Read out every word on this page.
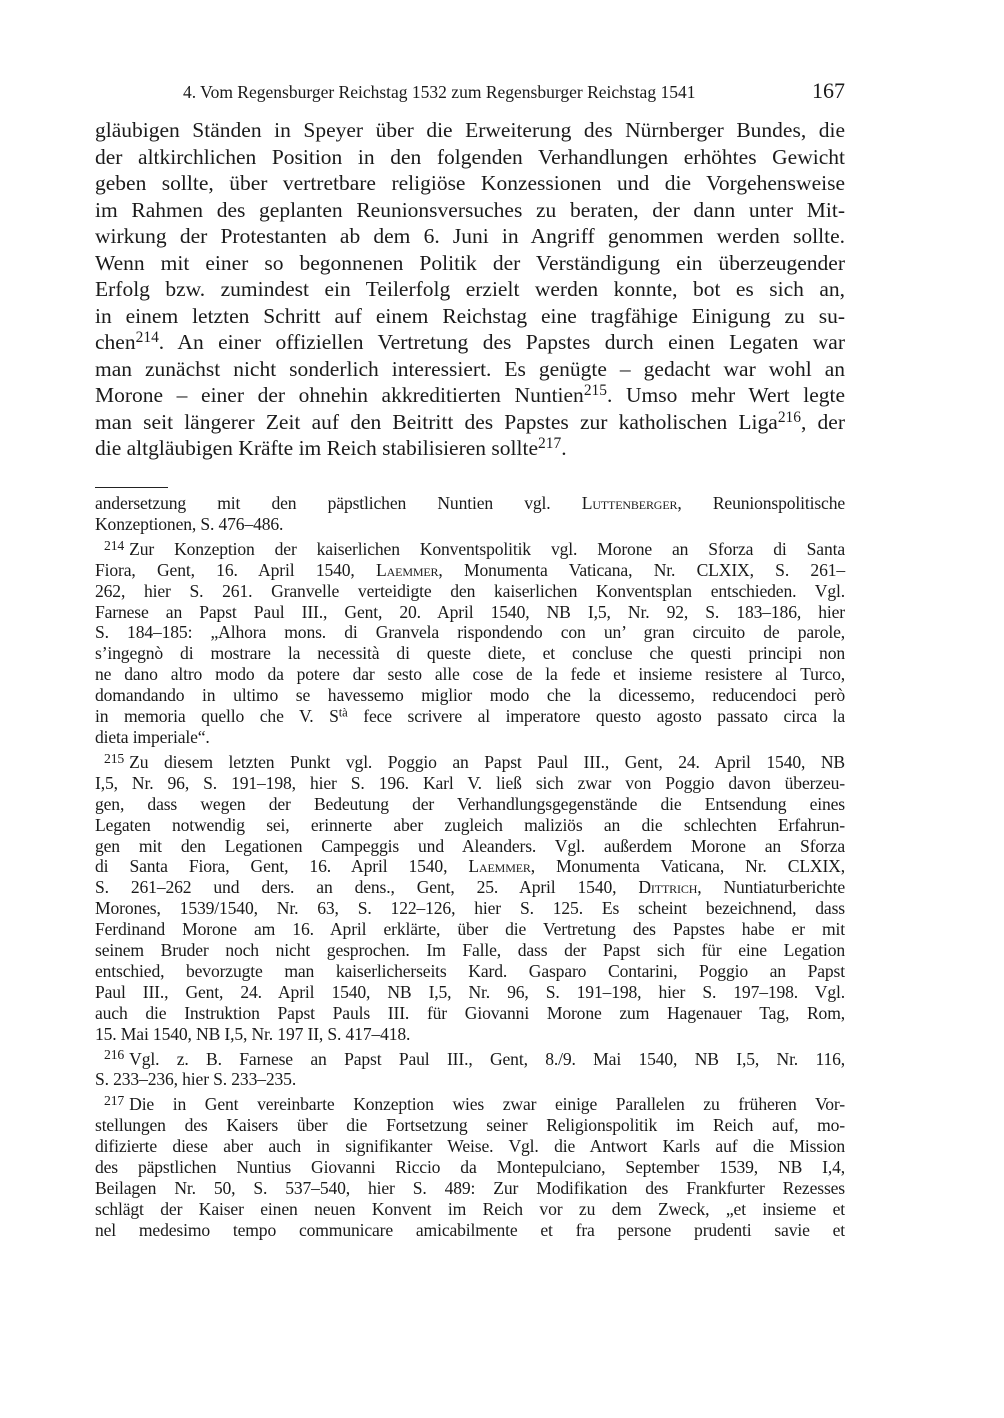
4. Vom Regensburger Reichstag 1532 zum Regensburger Reichstag 1541	167
gläubigen Ständen in Speyer über die Erweiterung des Nürnberger Bundes, die
der altkirchlichen Position in den folgenden Verhandlungen erhöhtes Gewicht
geben sollte, über vertretbare religiöse Konzessionen und die Vorgehensweise
im Rahmen des geplanten Reunionsversuches zu beraten, der dann unter Mit-
wirkung der Protestanten ab dem 6. Juni in Angriff genommen werden sollte.
Wenn mit einer so begonnenen Politik der Verständigung ein überzeugender
Erfolg bzw. zumindest ein Teilerfolg erzielt werden konnte, bot es sich an,
in einem letzten Schritt auf einem Reichstag eine tragfähige Einigung zu su-
chen$^{214}$. An einer offiziellen Vertretung des Papstes durch einen Legaten war
man zunächst nicht sonderlich interessiert. Es genügte – gedacht war wohl an
Morone – einer der ohnehin akkreditierten Nuntien$^{215}$. Umso mehr Wert legte
man seit längerer Zeit auf den Beitritt des Papstes zur katholischen Liga$^{216}$, der
die altgläubigen Kräfte im Reich stabilisieren sollte$^{217}$.
andersetzung mit den päpstlichen Nuntien vgl. Luttenberger, Reunionspolitische
Konzeptionen, S. 476–486.
$^{214}$ Zur Konzeption der kaiserlichen Konventspolitik vgl. Morone an Sforza di Santa
Fiora, Gent, 16. April 1540, Laemmer, Monumenta Vaticana, Nr. CLXIX, S. 261–
262, hier S. 261. Granvelle verteidigte den kaiserlichen Konventsplan entschieden. Vgl.
Farnese an Papst Paul III., Gent, 20. April 1540, NB I,5, Nr. 92, S. 183–186, hier
S. 184–185: „Alhora mons. di Granvela rispondendo con un’ gran circuito de parole,
s’ingegnò di mostrare la necessità di queste diete, et concluse che questi principi non
ne dano altro modo da potere dar sesto alle cose de la fede et insieme resistere al Turco,
domandando in ultimo se havessemo miglior modo che la dicessemo, reducendoci però
in memoria quello che V. $S^{tà}$ fece scrivere al imperatore questo agosto passato circa la
dieta imperiale“.
$^{215}$ Zu diesem letzten Punkt vgl. Poggio an Papst Paul III., Gent, 24. April 1540, NB
I,5, Nr. 96, S. 191–198, hier S. 196. Karl V. ließ sich zwar von Poggio davon überzeu-
gen, dass wegen der Bedeutung der Verhandlungsgegenstände die Entsendung eines
Legaten notwendig sei, erinnerte aber zugleich maliziös an die schlechten Erfahrun-
gen mit den Legationen Campeggis und Aleanders. Vgl. außerdem Morone an Sforza
di Santa Fiora, Gent, 16. April 1540, Laemmer, Monumenta Vaticana, Nr. CLXIX,
S. 261–262 und ders. an dens., Gent, 25. April 1540, Dittrich, Nuntiaturberichte
Morones, 1539/1540, Nr. 63, S. 122–126, hier S. 125. Es scheint bezeichnend, dass
Ferdinand Morone am 16. April erklärte, über die Vertretung des Papstes habe er mit
seinem Bruder noch nicht gesprochen. Im Falle, dass der Papst sich für eine Legation
entschied, bevorzugte man kaiserlicherseits Kard. Gasparo Contarini, Poggio an Papst
Paul III., Gent, 24. April 1540, NB I,5, Nr. 96, S. 191–198, hier S. 197–198. Vgl.
auch die Instruktion Papst Pauls III. für Giovanni Morone zum Hagenauer Tag, Rom,
15. Mai 1540, NB I,5, Nr. 197 II, S. 417–418.
$^{216}$ Vgl. z. B. Farnese an Papst Paul III., Gent, 8./9. Mai 1540, NB I,5, Nr. 116,
S. 233–236, hier S. 233–235.
$^{217}$ Die in Gent vereinbarte Konzeption wies zwar einige Parallelen zu früheren Vor-
stellungen des Kaisers über die Fortsetzung seiner Religionspolitik im Reich auf, mo-
difizierte diese aber auch in signifikanter Weise. Vgl. die Antwort Karls auf die Mission
des päpstlichen Nuntius Giovanni Riccio da Montepulciano, September 1539, NB I,4,
Beilagen Nr. 50, S. 537–540, hier S. 489: Zur Modifikation des Frankfurter Rezesses
schlägt der Kaiser einen neuen Konvent im Reich vor zu dem Zweck, „et insieme et
nel medesimo tempo communicare amicabilmente et fra persone prudenti savie et
